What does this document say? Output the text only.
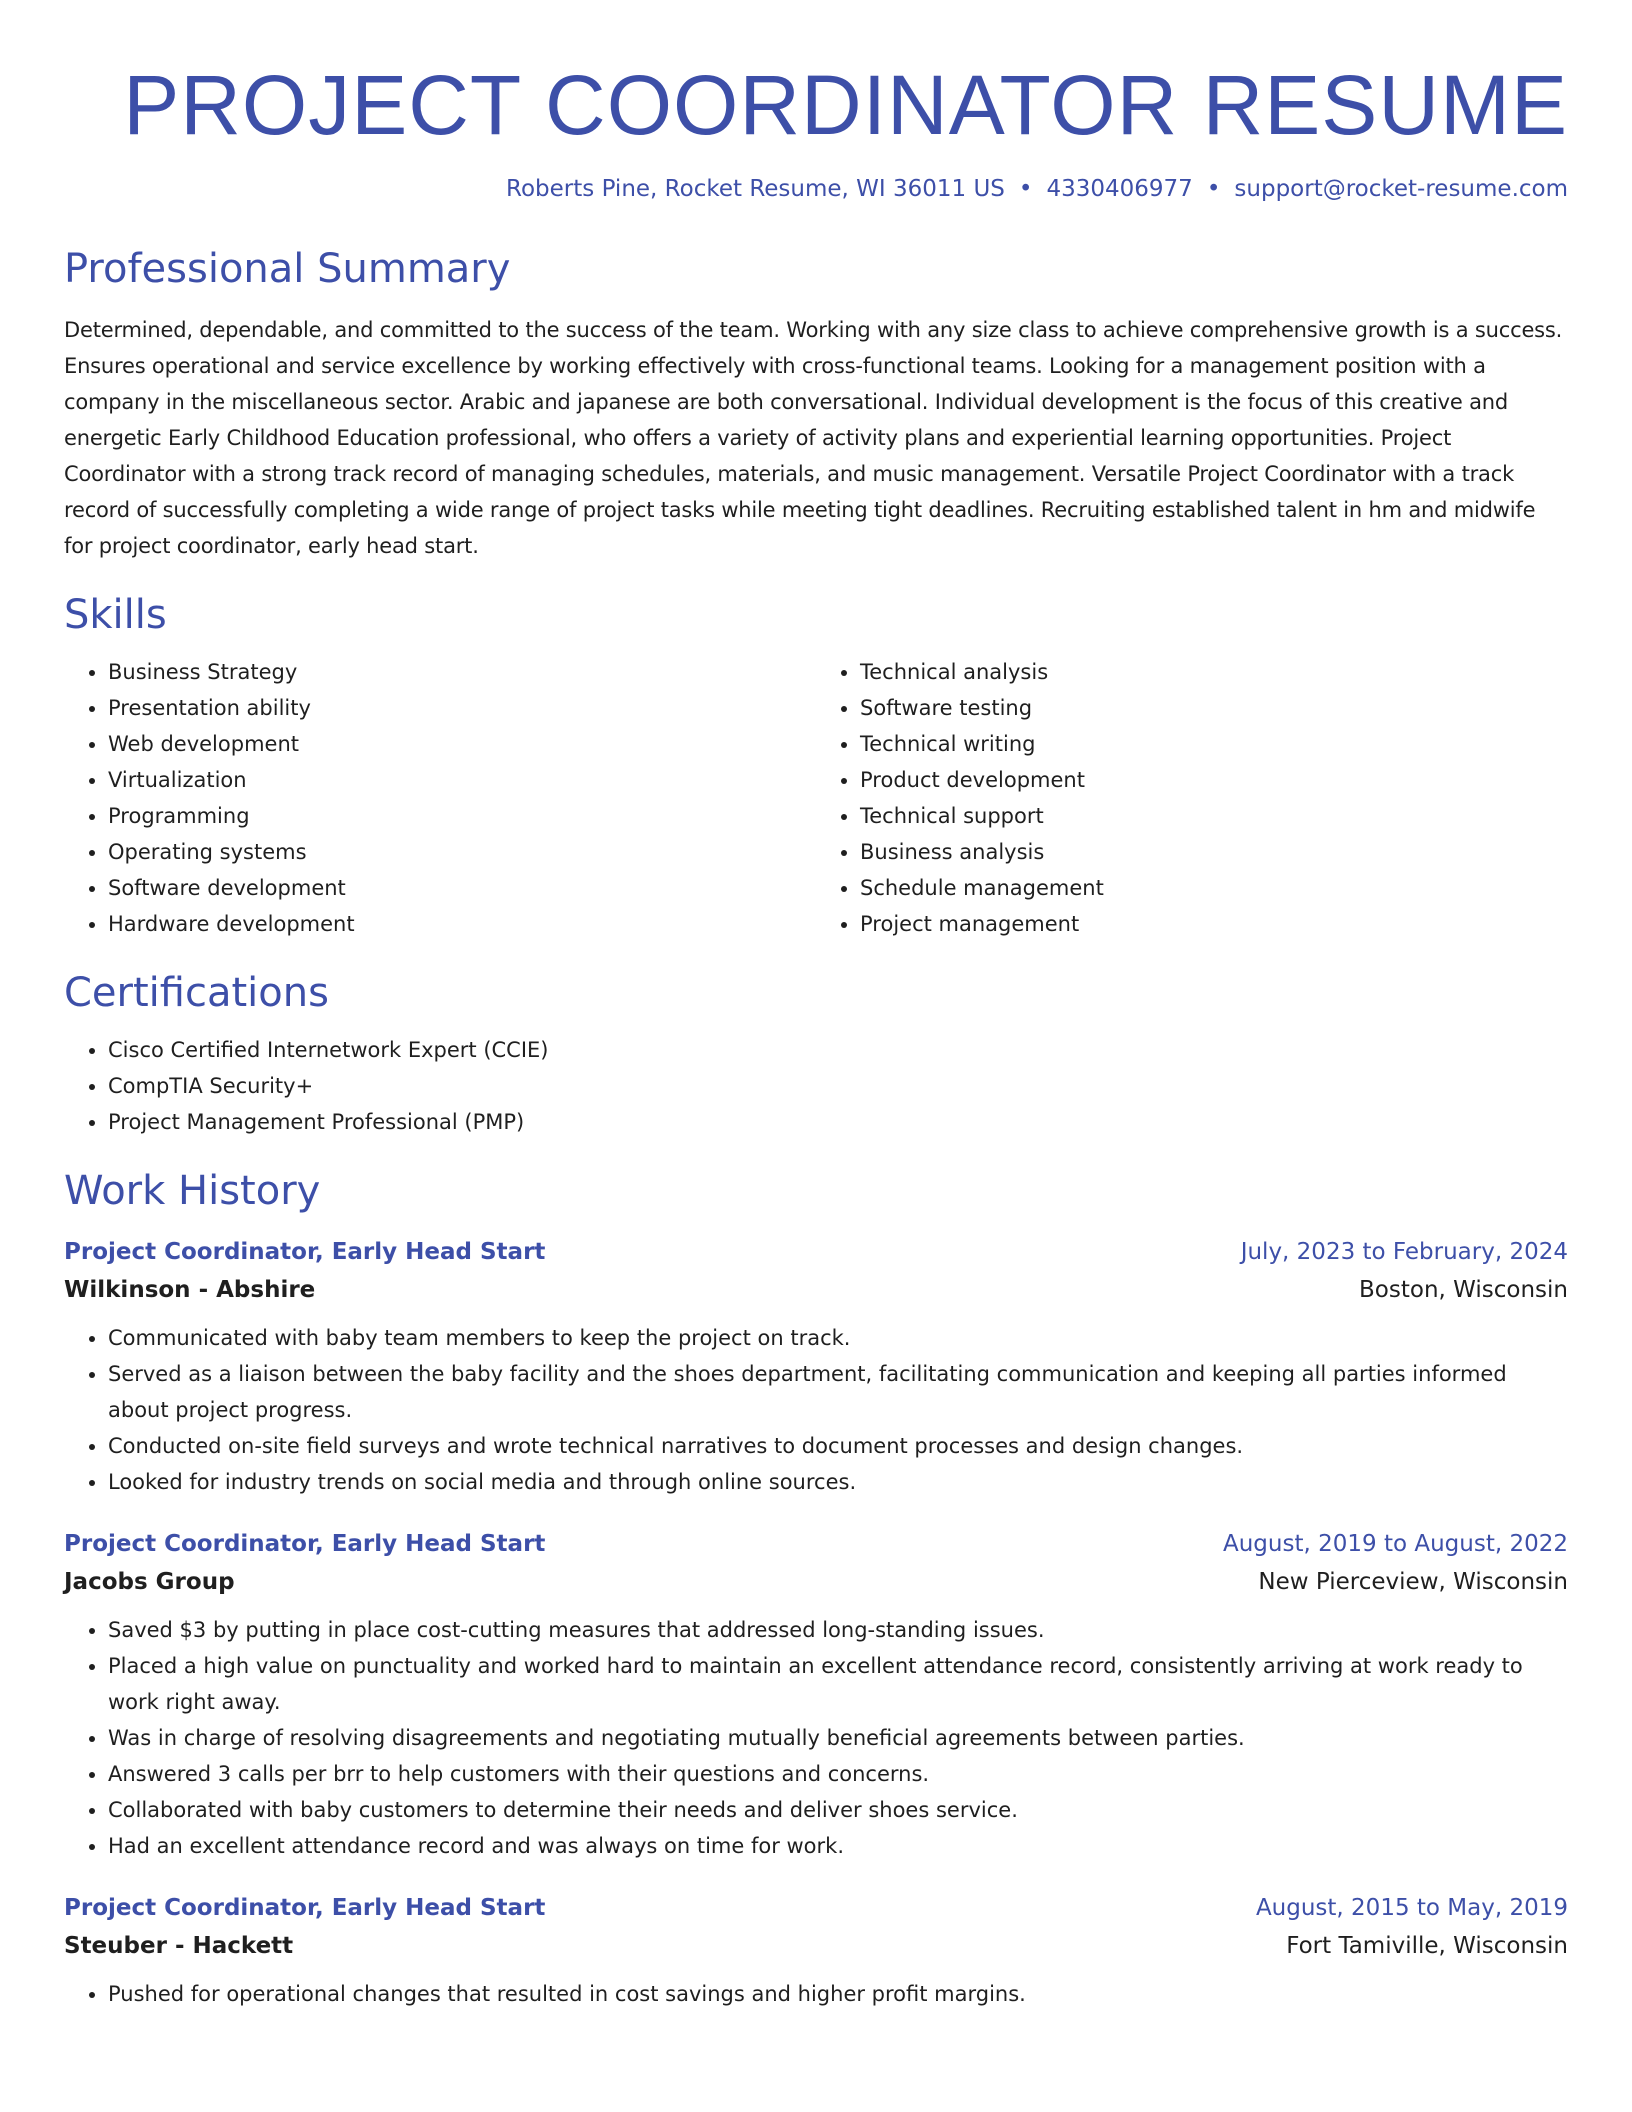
PROJECT COORDINATOR RESUME
Roberts Pine, Rocket Resume, WI 36011 US • 4330406977 • support@rocket-resume.com
Professional Summary

Determined, dependable, and committed to the success of the team. Working with any size class to achieve comprehensive growth is a success. Ensures operational and service excellence by working effectively with cross-functional teams. Looking for a management position with a company in the miscellaneous sector. Arabic and japanese are both conversational. Individual development is the focus of this creative and energetic Early Childhood Education professional, who offers a variety of activity plans and experiential learning opportunities. Project Coordinator with a strong track record of managing schedules, materials, and music management. Versatile Project Coordinator with a track record of successfully completing a wide range of project tasks while meeting tight deadlines. Recruiting established talent in hm and midwife for project coordinator, early head start.

Skills
• Business Strategy
• Presentation ability
• Web development
• Virtualization
• Programming
• Operating systems
• Software development
• Hardware development
• Technical analysis
• Software testing
• Technical writing
• Product development
• Technical support
• Business analysis
• Schedule management
• Project management
Certifications
• Cisco Certified Internetwork Expert (CCIE)
• CompTIA Security+
• Project Management Professional (PMP)
Work History
Project Coordinator, Early Head Start	July, 2023 to February, 2024
Wilkinson - Abshire	Boston, Wisconsin
• Communicated with baby team members to keep the project on track.
• Served as a liaison between the baby facility and the shoes department, facilitating communication and keeping all parties informed about project progress.
• Conducted on-site field surveys and wrote technical narratives to document processes and design changes.
• Looked for industry trends on social media and through online sources.
Project Coordinator, Early Head Start	August, 2019 to August, 2022
Jacobs Group	New Pierceview, Wisconsin
• Saved $3 by putting in place cost-cutting measures that addressed long-standing issues.
• Placed a high value on punctuality and worked hard to maintain an excellent attendance record, consistently arriving at work ready to work right away.
• Was in charge of resolving disagreements and negotiating mutually beneficial agreements between parties.
• Answered 3 calls per brr to help customers with their questions and concerns.
• Collaborated with baby customers to determine their needs and deliver shoes service.
• Had an excellent attendance record and was always on time for work.
Project Coordinator, Early Head Start	August, 2015 to May, 2019
Steuber - Hackett	Fort Tamiville, Wisconsin
• Pushed for operational changes that resulted in cost savings and higher profit margins.
